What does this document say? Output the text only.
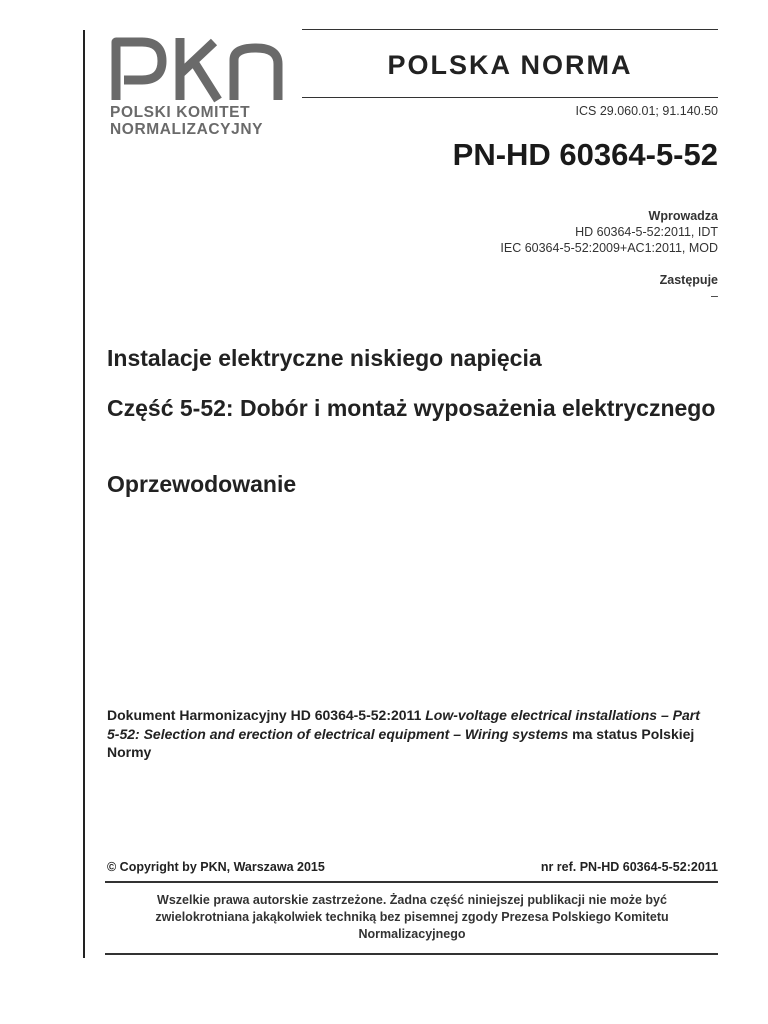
POLSKI KOMITET
NORMALIZACYJNY
POLSKA NORMA
ICS 29.060.01; 91.140.50
PN-HD 60364-5-52
Wprowadza
HD 60364-5-52:2011, IDT
IEC 60364-5-52:2009+AC1:2011, MOD
Zastępuje
–
Instalacje elektryczne niskiego napięcia
Część 5-52: Dobór i montaż wyposażenia elektrycznego
Oprzewodowanie
Dokument Harmonizacyjny HD 60364-5-52:2011 Low-voltage electrical installations – Part 5-52: Selection and erection of electrical equipment – Wiring systems ma status Polskiej Normy
© Copyright by PKN, Warszawa 2015	nr ref. PN-HD 60364-5-52:2011
Wszelkie prawa autorskie zastrzeżone. Żadna część niniejszej publikacji nie może być
zwielokrotniana jakąkolwiek techniką bez pisemnej zgody Prezesa Polskiego Komitetu
Normalizacyjnego
